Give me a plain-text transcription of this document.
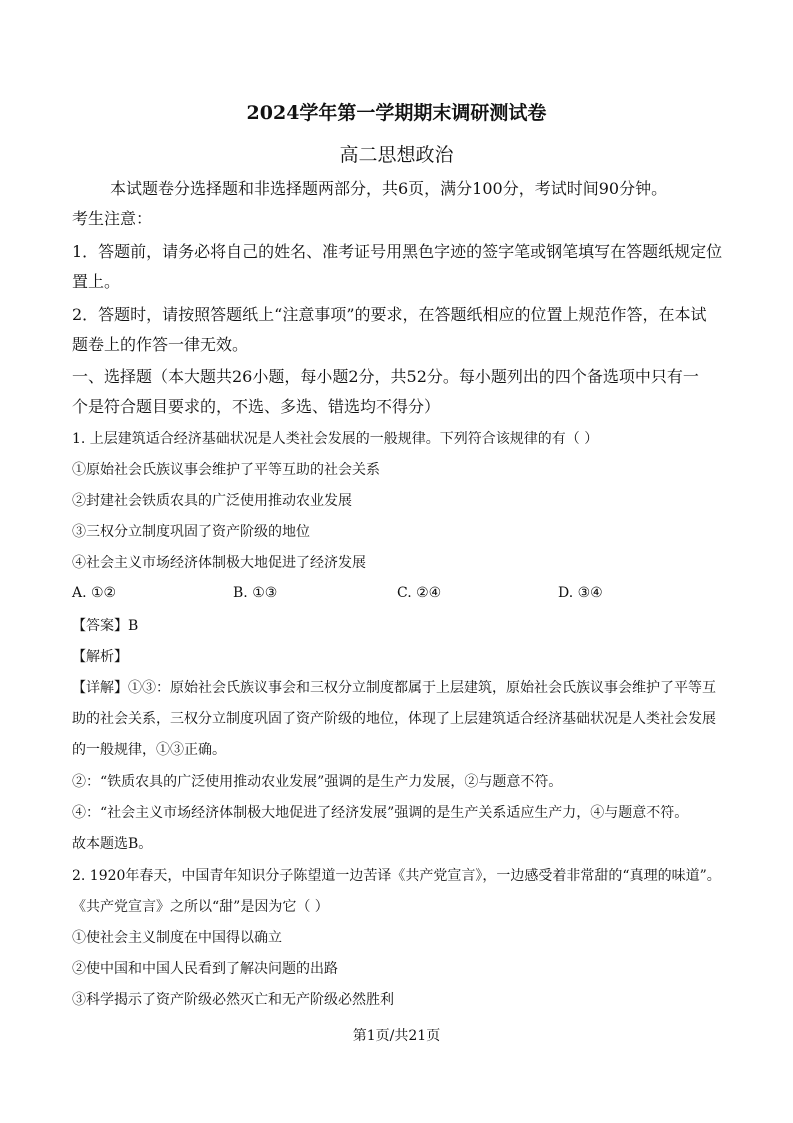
2024学年第一学期期末调研测试卷
高二思想政治
本试题卷分选择题和非选择题两部分，共6页，满分100分，考试时间90分钟。
考生注意：
1．答题前，请务必将自己的姓名、准考证号用黑色字迹的签字笔或钢笔填写在答题纸规定位
置上。
2．答题时，请按照答题纸上“注意事项”的要求，在答题纸相应的位置上规范作答，在本试
题卷上的作答一律无效。
一、选择题（本大题共26小题，每小题2分，共52分。每小题列出的四个备选项中只有一
个是符合题目要求的，不选、多选、错选均不得分）
1. 上层建筑适合经济基础状况是人类社会发展的一般规律。下列符合该规律的有（ ）
①原始社会氏族议事会维护了平等互助的社会关系
②封建社会铁质农具的广泛使用推动农业发展
③三权分立制度巩固了资产阶级的地位
④社会主义市场经济体制极大地促进了经济发展
A. ①②	B. ①③	C. ②④	D. ③④
【答案】B
【解析】
【详解】①③：原始社会氏族议事会和三权分立制度都属于上层建筑，原始社会氏族议事会维护了平等互
助的社会关系，三权分立制度巩固了资产阶级的地位，体现了上层建筑适合经济基础状况是人类社会发展
的一般规律，①③正确。
②：“铁质农具的广泛使用推动农业发展”强调的是生产力发展，②与题意不符。
④：“社会主义市场经济体制极大地促进了经济发展”强调的是生产关系适应生产力，④与题意不符。
故本题选B。
2. 1920年春天，中国青年知识分子陈望道一边苦译《共产党宣言》，一边感受着非常甜的“真理的味道”。
《共产党宣言》之所以“甜”是因为它（ ）
①使社会主义制度在中国得以确立
②使中国和中国人民看到了解决问题的出路
③科学揭示了资产阶级必然灭亡和无产阶级必然胜利
第1页/共21页
